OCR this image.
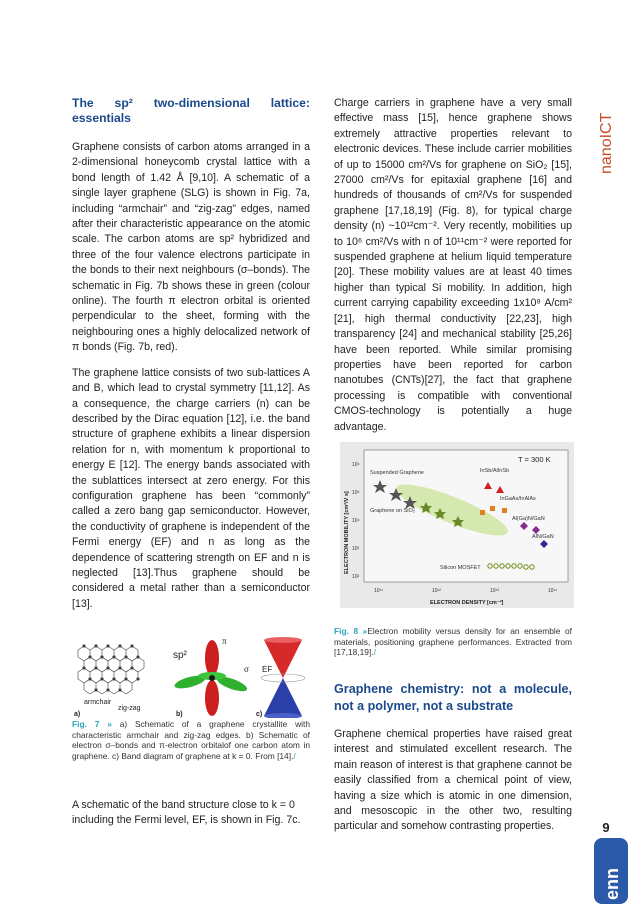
The sp² two-dimensional lattice: essentials

Graphene consists of carbon atoms arranged in a 2-dimensional honeycomb crystal lattice with a bond length of 1.42 Å [9,10]. A schematic of a single layer graphene (SLG) is shown in Fig. 7a, including “armchair” and “zig-zag” edges, named after their characteristic appearance on the atomic scale. The carbon atoms are sp² hybridized and three of the four valence electrons participate in the bonds to their next neighbours (σ–bonds). The schematic in Fig. 7b shows these in green (colour online). The fourth π electron orbital is oriented perpendicular to the sheet, forming with the neighbouring ones a highly delocalized network of π bonds (Fig. 7b, red).

The graphene lattice consists of two sub-lattices A and B, which lead to crystal symmetry [11,12]. As a consequence, the charge carriers (n) can be described by the Dirac equation [12], i.e. the band structure of graphene exhibits a linear dispersion relation for n, with momentum k proportional to energy E [12]. The energy bands associated with the sublattices intersect at zero energy. For this configuration graphene has been “commonly” called a zero bang gap semiconductor. However, the conductivity of graphene is independent of the Fermi energy (EF) and n as long as the dependence of scattering strength on EF and n is neglected [13].Thus graphene should be considered a metal rather than a semiconductor [13].

armchair
zig-zag
a)
sp²
π
σ
b)
EF
c)

Fig. 7 » a) Schematic of a graphene crystallite with characteristic armchair and zig-zag edges. b) Schematic of electron σ–bonds and π-electron orbitalof one carbon atom in graphene. c) Band diagram of graphene at k = 0. From [14]./

A schematic of the band structure close to k = 0 including the Fermi level, EF, is shown in Fig. 7c.

Charge carriers in graphene have a very small effective mass [15], hence graphene shows extremely attractive properties relevant to electronic devices. These include carrier mobilities of up to 15000 cm²/Vs for graphene on SiO₂ [15], 27000 cm²/Vs for epitaxial graphene [16] and hundreds of thousands of cm²/Vs for suspended graphene [17,18,19] (Fig. 8), for typical charge density (n) ~10¹²cm⁻². Very recently, mobilities up to 10⁶ cm²/Vs with n of 10¹¹cm⁻² were reported for suspended graphene at helium liquid temperature [20]. These mobility values are at least 40 times higher than typical Si mobility. In addition, high current carrying capability exceeding 1x10⁸ A/cm² [21], high thermal conductivity [22,23], high transparency [24] and mechanical stability [25,26] have been reported. While similar promising properties have been reported for carbon nanotubes (CNTs)[27], the fact that graphene processing is compatible with conventional CMOS-technology is potentially a huge advantage.

T = 300 K
Suspended Graphene
Graphene on SiO₂
InSb/AlInSb
InGaAs/InAlAs
Al(Ga)N/GaN
AlN/GaN
Silicon MOSFET
ELECTRON DENSITY [cm⁻²]
ELECTRON MOBILITY [cm²/V s]
10¹¹	10¹²	10¹³	10¹⁴
10⁶
10⁵
10⁴
10³
10²

Fig. 8 »Electron mobility versus density for an ensemble of materials, positioning graphene performances. Extracted from [17,18,19]./

Graphene chemistry: not a molecule, not a polymer, not a substrate

Graphene chemical properties have raised great interest and stimulated excellent research. The main reason of interest is that graphene cannot be easily classified from a chemical point of view, having a size which is atomic in one dimension, and mesoscopic in the other two, resulting particular and somehow contrasting properties.

nanoICT
9
enn
